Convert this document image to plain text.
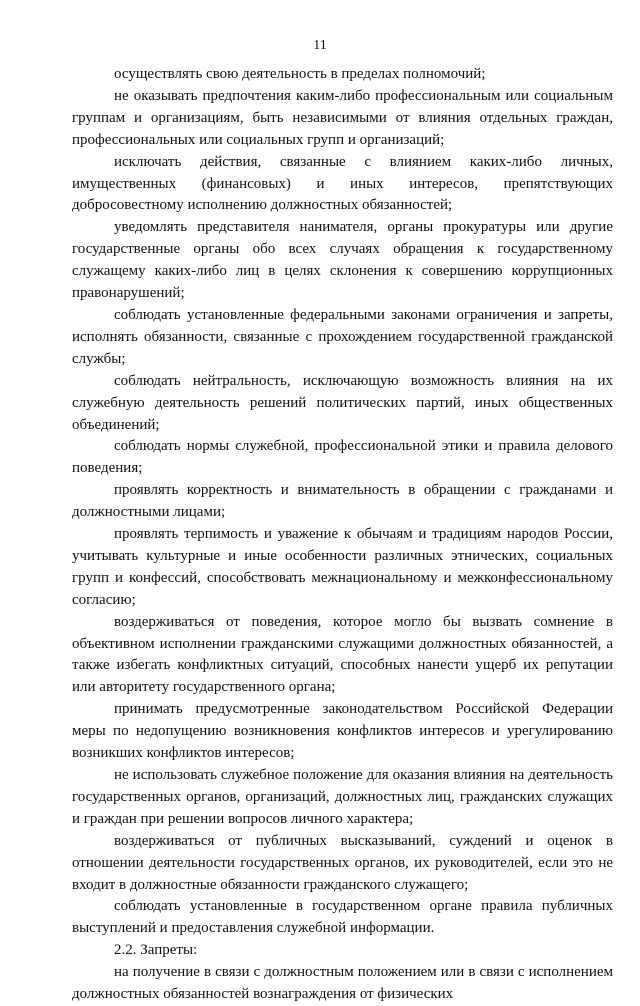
11

осуществлять свою деятельность в пределах полномочий;

не оказывать предпочтения каким-либо профессиональным или социальным группам и организациям, быть независимыми от влияния отдельных граждан, профессиональных или социальных групп и организаций;

исключать действия, связанные с влиянием каких-либо личных, имущественных (финансовых) и иных интересов, препятствующих добросовестному исполнению должностных обязанностей;

уведомлять представителя нанимателя, органы прокуратуры или другие государственные органы обо всех случаях обращения к государственному служащему каких-либо лиц в целях склонения к совершению коррупционных правонарушений;

соблюдать установленные федеральными законами ограничения и запреты, исполнять обязанности, связанные с прохождением государственной гражданской службы;

соблюдать нейтральность, исключающую возможность влияния на их служебную деятельность решений политических партий, иных общественных объединений;

соблюдать нормы служебной, профессиональной этики и правила делового поведения;

проявлять корректность и внимательность в обращении с гражданами и должностными лицами;

проявлять терпимость и уважение к обычаям и традициям народов России, учитывать культурные и иные особенности различных этнических, социальных групп и конфессий, способствовать межнациональному и межконфессиональному согласию;

воздерживаться от поведения, которое могло бы вызвать сомнение в объективном исполнении гражданскими служащими должностных обязанностей, а также избегать конфликтных ситуаций, способных нанести ущерб их репутации или авторитету государственного органа;

принимать предусмотренные законодательством Российской Федерации меры по недопущению возникновения конфликтов интересов и урегулированию возникших конфликтов интересов;

не использовать служебное положение для оказания влияния на деятельность государственных органов, организаций, должностных лиц, гражданских служащих и граждан при решении вопросов личного характера;

воздерживаться от публичных высказываний, суждений и оценок в отношении деятельности государственных органов, их руководителей, если это не входит в должностные обязанности гражданского служащего;

соблюдать установленные в государственном органе правила публичных выступлений и предоставления служебной информации.

2.2. Запреты:

на получение в связи с должностным положением или в связи с исполнением должностных обязанностей вознаграждения от физических
